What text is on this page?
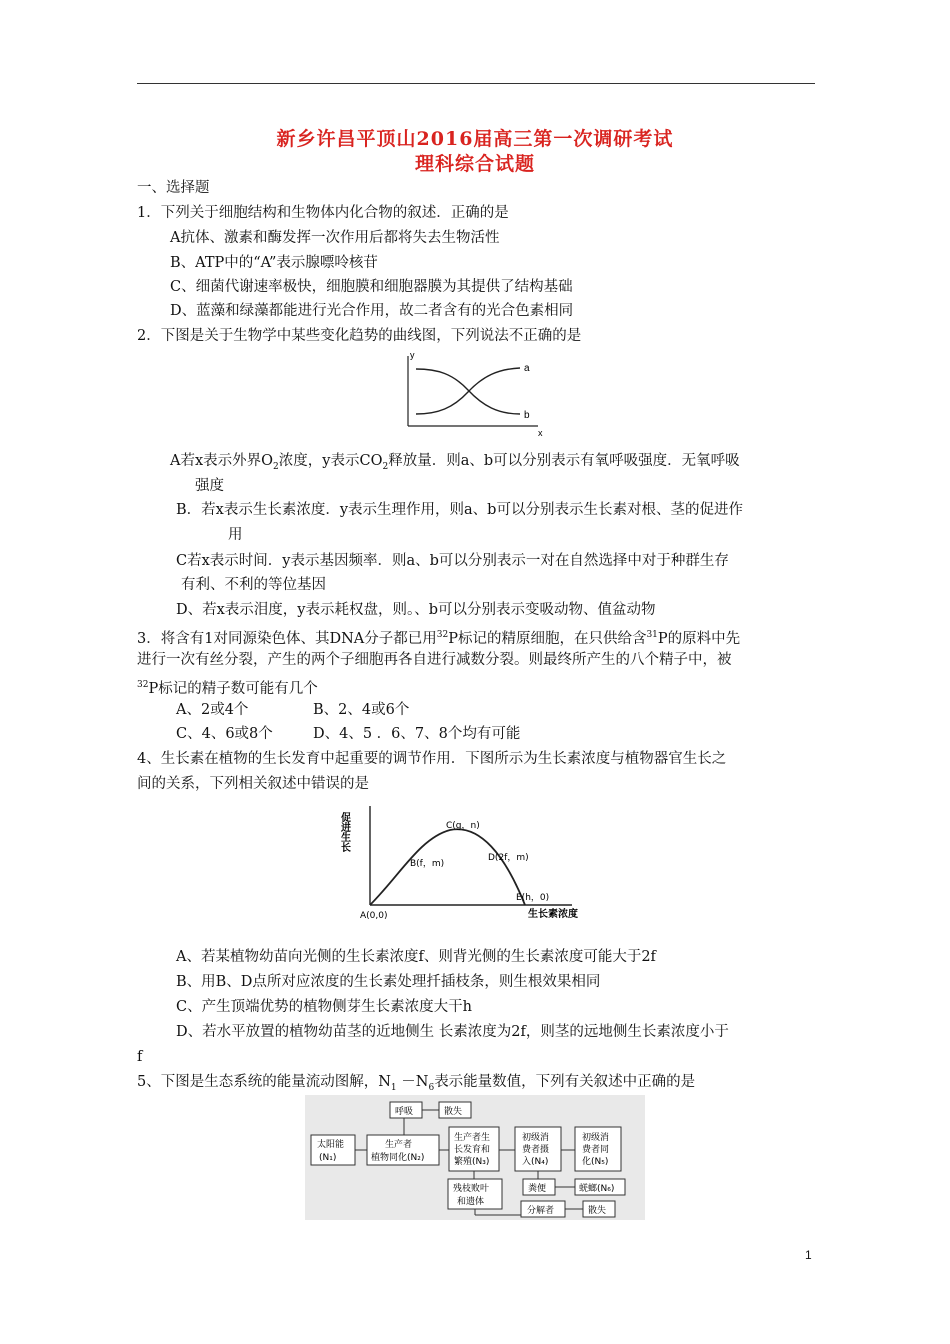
新乡许昌平顶山2016届高三第一次调研考试
理科综合试题
一、选择题
1．下列关于细胞结构和生物体内化合物的叙述．正确的是
A抗体、激素和酶发挥一次作用后都将失去生物活性
B、ATP中的“A”表示腺嘌呤核苷
C、细菌代谢速率极快，细胞膜和细胞器膜为其提供了结构基础
D、蓝藻和绿藻都能进行光合作用，故二者含有的光合色素相同
2．下图是关于生物学中某些变化趋势的曲线图，下列说法不正确的是
y
x
a
b
A若x表示外界$O_2$浓度，y表示$CO_2$释放量．则a、b可以分别表示有氧呼吸强度．无氧呼吸
强度
B．若x表示生长素浓度．y表示生理作用，则a、b可以分别表示生长素对根、茎的促进作
用
C若x表示时间．y表示基因频率．则a、b可以分别表示一对在自然选择中对于种群生存
有利、不利的等位基因
D、若x表示泪度，y表示耗权盘，则。、b可以分别表示变吸动物、值盆动物
3．将含有1对同源染色体、其DNA分子都已用$^{32}$P标记的精原细胞，在只供给含$^{31}$P的原料中先
进行一次有丝分裂，产生的两个子细胞再各自进行减数分裂。则最终所产生的八个精子中，被
$^{32}$P标记的精子数可能有几个
A、2或4个	B、2、4或6个
C、4、6或8个	D、4、5 ．6、7、8个均有可能
4、生长素在植物的生长发育中起重要的调节作用．下图所示为生长素浓度与植物器官生长之
间的关系，下列相关叙述中错误的是
促进生长
生长素浓度
A(0,0)
B(f，m)
C(g，n)
D(2f，m)
E(h，0)
A、若某植物幼苗向光侧的生长素浓度f、则背光侧的生长素浓度可能大于2f
B、用B、D点所对应浓度的生长素处理扦插枝条，则生根效果相同
C、产生顶端优势的植物侧芽生长素浓度大干h
D、若水平放置的植物幼苗茎的近地侧生 长素浓度为2f，则茎的远地侧生长素浓度小于
f
5、下图是生态系统的能量流动图解，$N_1 -N_6$表示能量数值，下列有关叙述中正确的是
呼吸	散失
太阳能
(N₁)
生产者
植物同化(N₂)
生产者生
长发育和
繁殖(N₃)
初级消
费者摄
入(N₄)
初级消
费者同
化(N₅)
粪便	蜣螂(N₆)
残枝败叶
和遗体
分解者	散失
1
